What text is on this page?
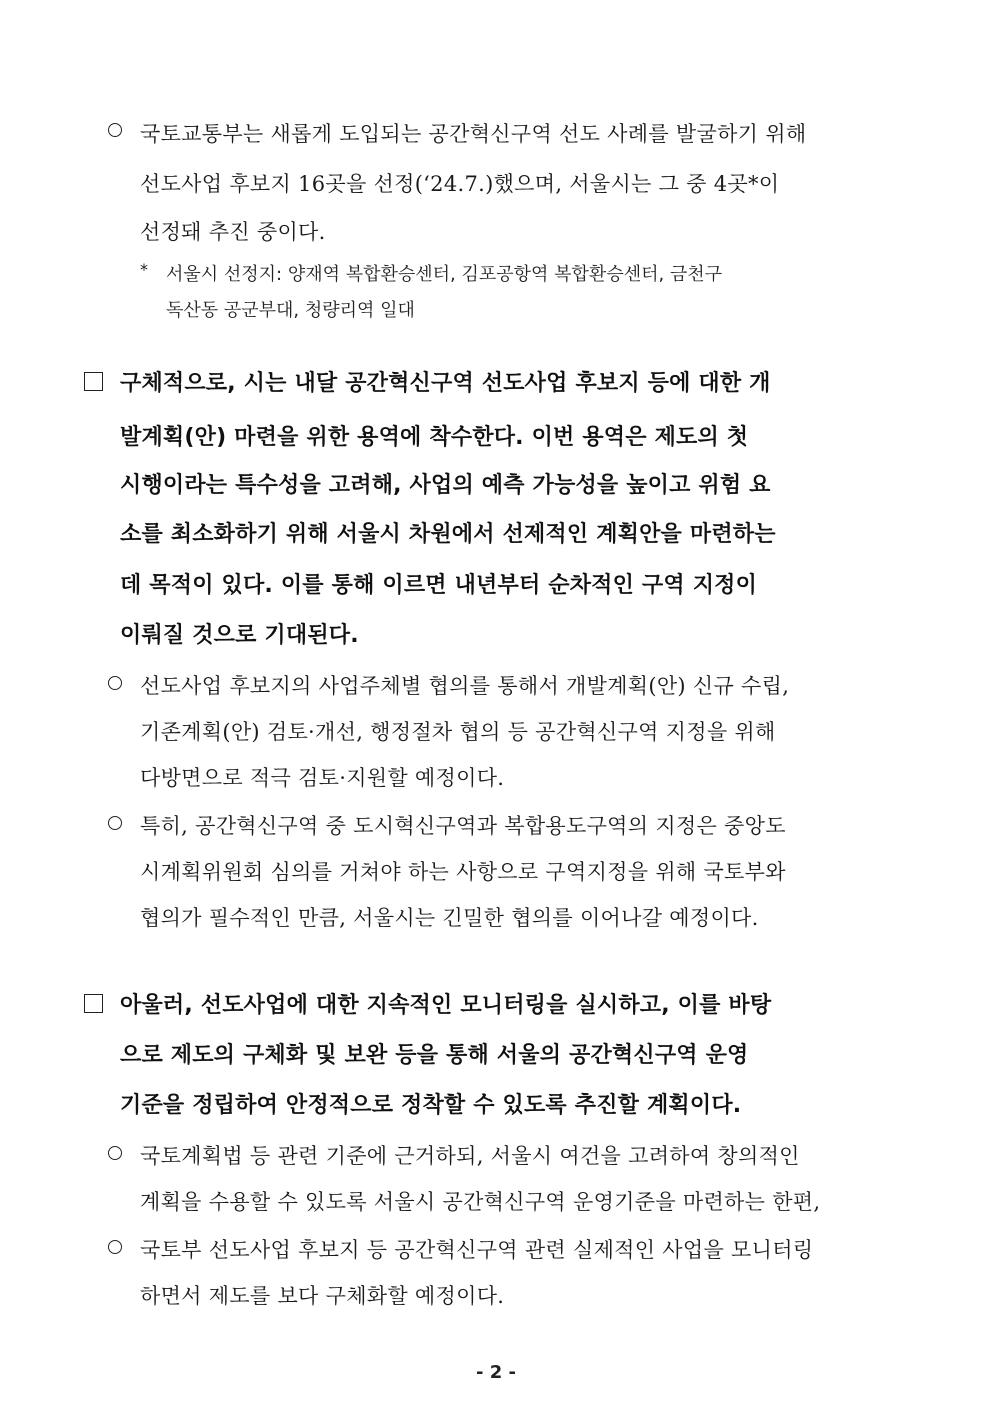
국토교통부는 새롭게 도입되는 공간혁신구역 선도 사례를 발굴하기 위해
선도사업 후보지 16곳을 선정(‘24.7.)했으며, 서울시는 그 중 4곳*이
선정돼 추진 중이다.
* 서울시 선정지: 양재역 복합환승센터, 김포공항역 복합환승센터, 금천구
독산동 공군부대, 청량리역 일대
구체적으로, 시는 내달 공간혁신구역 선도사업 후보지 등에 대한 개
발계획(안) 마련을 위한 용역에 착수한다. 이번 용역은 제도의 첫
시행이라는 특수성을 고려해, 사업의 예측 가능성을 높이고 위험 요
소를 최소화하기 위해 서울시 차원에서 선제적인 계획안을 마련하는
데 목적이 있다. 이를 통해 이르면 내년부터 순차적인 구역 지정이
이뤄질 것으로 기대된다.
선도사업 후보지의 사업주체별 협의를 통해서 개발계획(안) 신규 수립,
기존계획(안) 검토·개선, 행정절차 협의 등 공간혁신구역 지정을 위해
다방면으로 적극 검토·지원할 예정이다.
특히, 공간혁신구역 중 도시혁신구역과 복합용도구역의 지정은 중앙도
시계획위원회 심의를 거쳐야 하는 사항으로 구역지정을 위해 국토부와
협의가 필수적인 만큼, 서울시는 긴밀한 협의를 이어나갈 예정이다.
아울러, 선도사업에 대한 지속적인 모니터링을 실시하고, 이를 바탕
으로 제도의 구체화 및 보완 등을 통해 서울의 공간혁신구역 운영
기준을 정립하여 안정적으로 정착할 수 있도록 추진할 계획이다.
국토계획법 등 관련 기준에 근거하되, 서울시 여건을 고려하여 창의적인
계획을 수용할 수 있도록 서울시 공간혁신구역 운영기준을 마련하는 한편,
국토부 선도사업 후보지 등 공간혁신구역 관련 실제적인 사업을 모니터링
하면서 제도를 보다 구체화할 예정이다.
- 2 -
